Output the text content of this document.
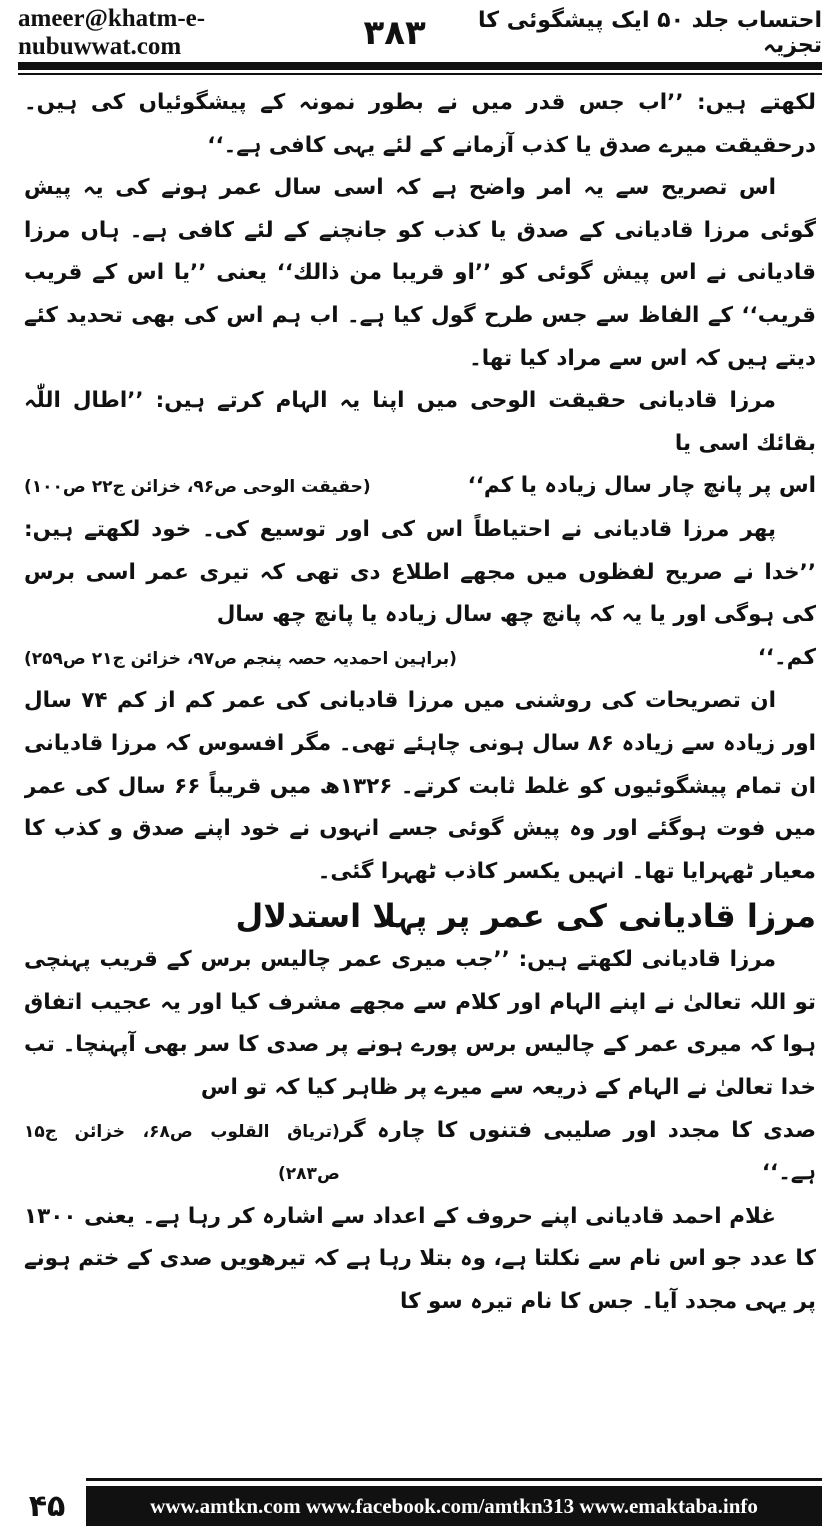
ameer@khatm-e-nubuwwat.com	۳۸۳	احتساب جلد ۵۰ ایک پیشگوئی کا تجزیہ

لکھتے ہیں: ’’اب جس قدر میں نے بطور نمونہ کے پیشگوئیاں کی ہیں۔ درحقیقت میرے صدق یا کذب آزمانے کے لئے یہی کافی ہے۔‘‘

اس تصریح سے یہ امر واضح ہے کہ اسی سال عمر ہونے کی یہ پیش گوئی مرزا قادیانی کے صدق یا کذب کو جانچنے کے لئے کافی ہے۔ ہاں مرزا قادیانی نے اس پیش گوئی کو ’’او قریبا من ذالك‘‘ یعنی ’’یا اس کے قریب قریب‘‘ کے الفاظ سے جس طرح گول کیا ہے۔ اب ہم اس کی بھی تحدید کئے دیتے ہیں کہ اس سے مراد کیا تھا۔

مرزا قادیانی حقیقت الوحی میں اپنا یہ الہام کرتے ہیں: ’’اطال اللّٰہ بقائك اسی یا

اس پر پانچ چار سال زیادہ یا کم‘‘
(حقیقت الوحی ص۹۶، خزائن ج۲۲ ص۱۰۰)

پھر مرزا قادیانی نے احتیاطاً اس کی اور توسیع کی۔ خود لکھتے ہیں: ’’خدا نے صریح لفظوں میں مجھے اطلاع دی تھی کہ تیری عمر اسی برس کی ہوگی اور یا یہ کہ پانچ چھ سال زیادہ یا پانچ چھ سال

کم۔‘‘
(براہین احمدیہ حصہ پنجم ص۹۷، خزائن ج۲۱ ص۲۵۹)

ان تصریحات کی روشنی میں مرزا قادیانی کی عمر کم از کم ۷۴ سال اور زیادہ سے زیادہ ۸۶ سال ہونی چاہئے تھی۔ مگر افسوس کہ مرزا قادیانی ان تمام پیشگوئیوں کو غلط ثابت کرتے۔ ۱۳۲۶ھ میں قریباً ۶۶ سال کی عمر میں فوت ہوگئے اور وہ پیش گوئی جسے انہوں نے خود اپنے صدق و کذب کا معیار ٹھہرایا تھا۔ انہیں یکسر کاذب ٹھہرا گئی۔

مرزا قادیانی کی عمر پر پہلا استدلال

مرزا قادیانی لکھتے ہیں: ’’جب میری عمر چالیس برس کے قریب پہنچی تو اللہ تعالیٰ نے اپنے الہام اور کلام سے مجھے مشرف کیا اور یہ عجیب اتفاق ہوا کہ میری عمر کے چالیس برس پورے ہونے پر صدی کا سر بھی آپہنچا۔ تب خدا تعالیٰ نے الہام کے ذریعہ سے میرے پر ظاہر کیا کہ تو اس

صدی کا مجدد اور صلیبی فتنوں کا چارہ گر ہے۔‘‘
(تریاق القلوب ص۶۸، خزائن ج۱۵ ص۲۸۳)

غلام احمد قادیانی اپنے حروف کے اعداد سے اشارہ کر رہا ہے۔ یعنی ۱۳۰۰ کا عدد جو اس نام سے نکلتا ہے، وہ بتلا رہا ہے کہ تیرھویں صدی کے ختم ہونے پر یہی مجدد آیا۔ جس کا نام تیرہ سو کا

۴۵	www.amtkn.com www.facebook.com/amtkn313 www.emaktaba.info
